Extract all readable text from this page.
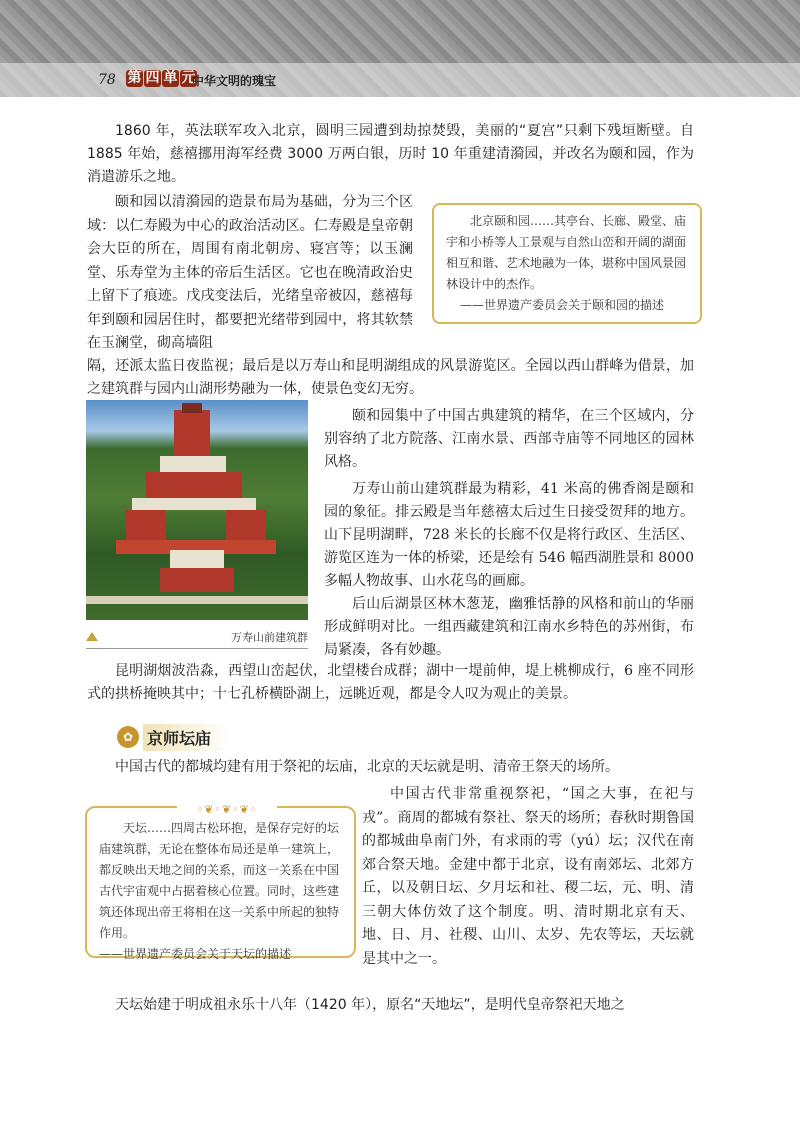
78 第 四 单 元
中华文明的瑰宝
1860 年，英法联军攻入北京，圆明三园遭到劫掠焚毁，美丽的“夏宫”只剩下残垣断壁。自 1885 年始，慈禧挪用海军经费 3000 万两白银，历时 10 年重建清漪园，并改名为颐和园，作为消遣游乐之地。
颐和园以清漪园的造景布局为基础，分为三个区域：以仁寿殿为中心的政治活动区。仁寿殿是皇帝朝会大臣的所在，周围有南北朝房、寝宫等；以玉澜堂、乐寿堂为主体的帝后生活区。它也在晚清政治史上留下了痕迹。戊戌变法后，光绪皇帝被囚，慈禧每年到颐和园居住时，都要把光绪带到园中，将其软禁在玉澜堂，砌高墙阻
北京颐和园……其亭台、长廊、殿堂、庙宇和小桥等人工景观与自然山峦和开阔的湖面相互和谐、艺术地融为一体，堪称中国风景园林设计中的杰作。
——世界遗产委员会关于颐和园的描述
隔，还派太监日夜监视；最后是以万寿山和昆明湖组成的风景游览区。全园以西山群峰为借景，加之建筑群与园内山湖形势融为一体，使景色变幻无穷。
万寿山前建筑群
颐和园集中了中国古典建筑的精华，在三个区域内，分别容纳了北方院落、江南水景、西部寺庙等不同地区的园林风格。
万寿山前山建筑群最为精彩，41 米高的佛香阁是颐和园的象征。排云殿是当年慈禧太后过生日接受贺拜的地方。山下昆明湖畔，728 米长的长廊不仅是将行政区、生活区、游览区连为一体的桥梁，还是绘有 546 幅西湖胜景和 8000 多幅人物故事、山水花鸟的画廊。
后山后湖景区林木葱茏，幽雅恬静的风格和前山的华丽形成鲜明对比。一组西藏建筑和江南水乡特色的苏州街，布局紧凑，各有妙趣。
昆明湖烟波浩淼，西望山峦起伏，北望楼台成群；湖中一堤前伸，堤上桃柳成行，6 座不同形式的拱桥掩映其中；十七孔桥横卧湖上，远眺近观，都是令人叹为观止的美景。
✿ 京师坛庙
中国古代的都城均建有用于祭祀的坛庙，北京的天坛就是明、清帝王祭天的场所。
◦❦◦❦◦❦◦
天坛……四周古松环抱，是保存完好的坛庙建筑群，无论在整体布局还是单一建筑上，都反映出天地之间的关系，而这一关系在中国古代宇宙观中占据着核心位置。同时，这些建筑还体现出帝王将相在这一关系中所起的独特作用。
——世界遗产委员会关于天坛的描述
中国古代非常重视祭祀，“国之大事，在祀与戎”。商周的都城有祭社、祭天的场所；春秋时期鲁国的都城曲阜南门外，有求雨的雩（yú）坛；汉代在南郊合祭天地。金建中都于北京，设有南郊坛、北郊方丘，以及朝日坛、夕月坛和社、稷二坛，元、明、清三朝大体仿效了这个制度。明、清时期北京有天、地、日、月、社稷、山川、太岁、先农等坛，天坛就是其中之一。
天坛始建于明成祖永乐十八年（1420 年），原名“天地坛”，是明代皇帝祭祀天地之
